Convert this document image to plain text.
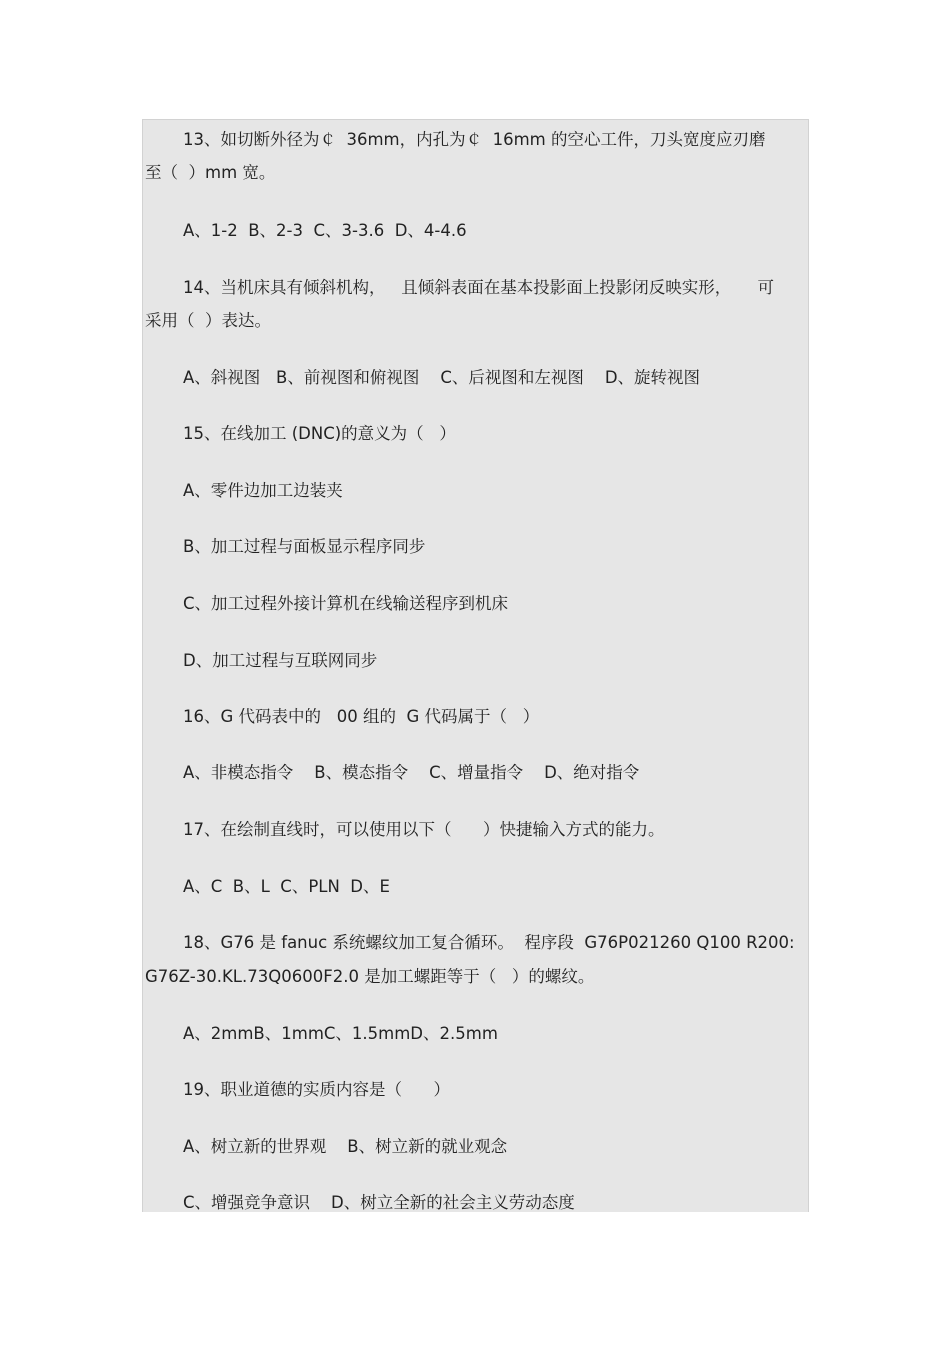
13、如切断外径为￠  36mm，内孔为￠  16mm 的空心工件，刀头宽度应刃磨
至（  ）mm 宽。
A、1-2  B、2-3  C、3-3.6  D、4-4.6
14、当机床具有倾斜机构，   且倾斜表面在基本投影面上投影闭反映实形，     可
采用（  ）表达。
A、斜视图   B、前视图和俯视图    C、后视图和左视图    D、旋转视图
15、在线加工 (DNC)的意义为（   ）
A、零件边加工边装夹
B、加工过程与面板显示程序同步
C、加工过程外接计算机在线输送程序到机床
D、加工过程与互联网同步
16、G 代码表中的   00 组的  G 代码属于（   ）
A、非模态指令    B、模态指令    C、增量指令    D、绝对指令
17、在绘制直线时，可以使用以下（      ）快捷输入方式的能力。
A、C  B、L  C、PLN  D、E
18、G76 是 fanuc 系统螺纹加工复合循环。  程序段  G76P021260 Q100 R200:
G76Z-30.KL.73Q0600F2.0 是加工螺距等于（   ）的螺纹。
A、2mmB、1mmC、1.5mmD、2.5mm
19、职业道德的实质内容是（      ）
A、树立新的世界观    B、树立新的就业观念
C、增强竞争意识    D、树立全新的社会主义劳动态度
